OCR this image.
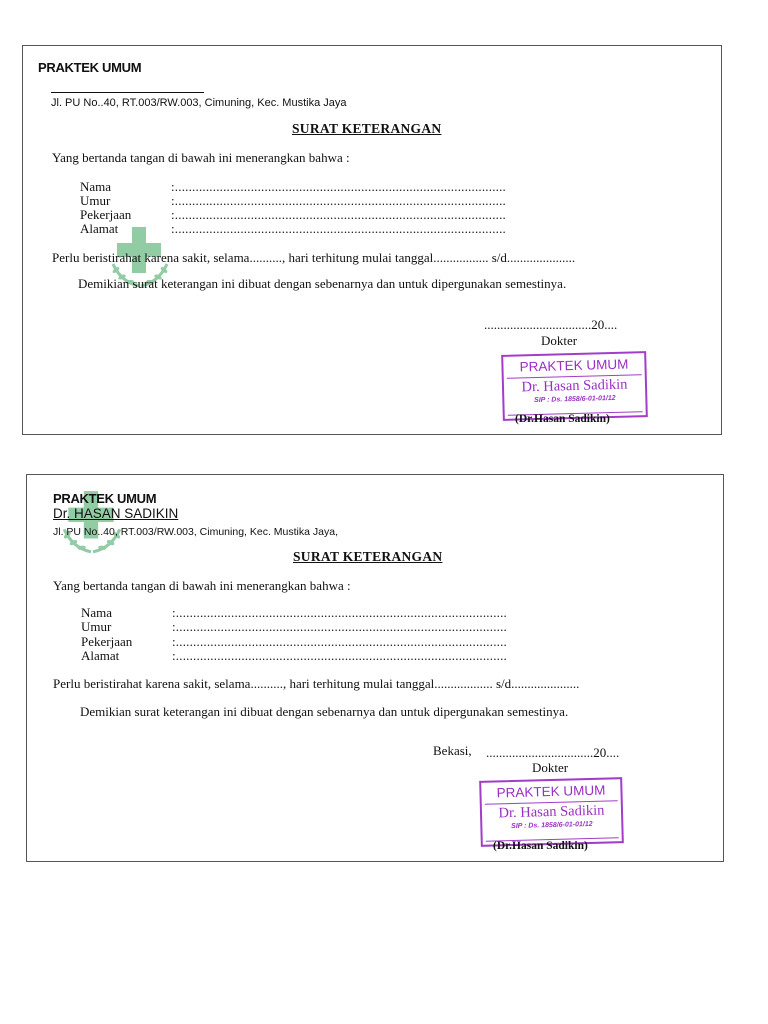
PRAKTEK UMUM
Jl. PU No..40, RT.003/RW.003, Cimuning, Kec. Mustika Jaya
SURAT KETERANGAN
Yang bertanda tangan di bawah ini menerangkan bahwa :
Nama	:................................................................................................
Umur	:................................................................................................
Pekerjaan	:................................................................................................
Alamat	:................................................................................................
Perlu beristirahat karena sakit, selama.........., hari terhitung mulai tanggal................. s/d.....................
Demikian surat keterangan ini dibuat dengan sebenarnya dan untuk dipergunakan semestinya.
.................................20....
Dokter
PRAKTEK UMUM
Dr. Hasan Sadikin
SIP : Ds. 1858/6-01-01/12
(Dr.Hasan Sadikin)
PRAKTEK UMUM
Dr. HASAN SADIKIN
Jl. PU No..40, RT.003/RW.003, Cimuning, Kec. Mustika Jaya,
SURAT KETERANGAN
Yang bertanda tangan di bawah ini menerangkan bahwa :
Nama	:................................................................................................
Umur	:................................................................................................
Pekerjaan	:................................................................................................
Alamat	:................................................................................................
Perlu beristirahat karena sakit, selama.........., hari terhitung mulai tanggal.................. s/d.....................
Demikian surat keterangan ini dibuat dengan sebenarnya dan untuk dipergunakan semestinya.
Bekasi, .................................20....
Dokter
PRAKTEK UMUM
Dr. Hasan Sadikin
SIP : Ds. 1858/6-01-01/12
(Dr.Hasan Sadikin)
